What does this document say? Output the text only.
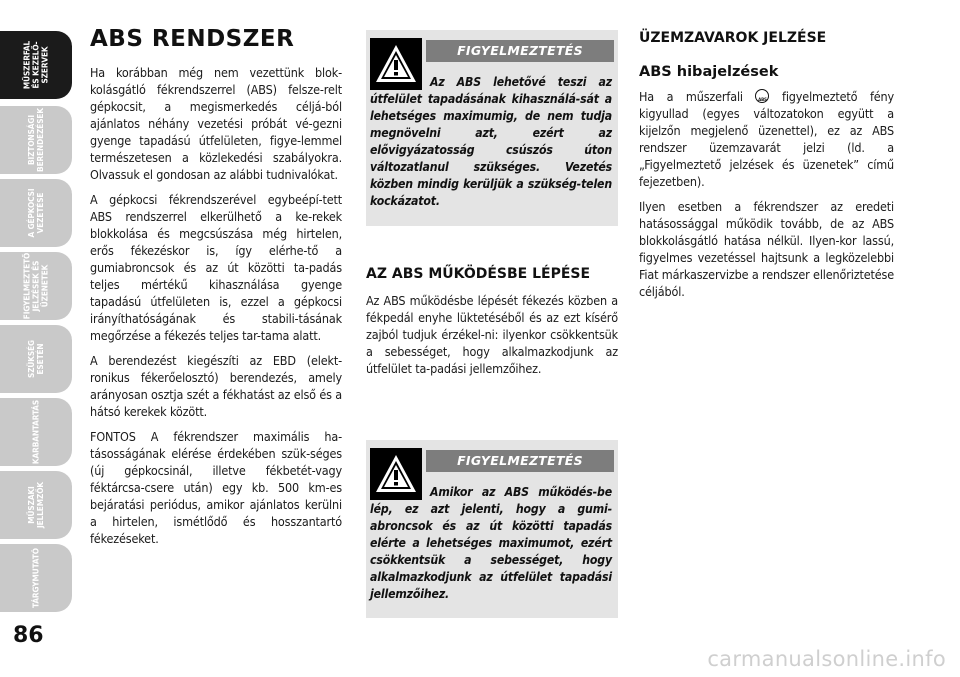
MŰSZERFAL
ÉS KEZELŐ-
SZERVEK
BIZTONSÁGI
BERENDEZÉSEK
A GÉPKOCSI
VEZETÉSE
FIGYELMEZTETŐ
JELZÉSEK ÉS
ÜZENETEK
SZÜKSÉG
ESETÉN
KARBANTARTÁS
MŰSZAKI
JELLEMZŐK
TÁRGYMUTATÓ
86
ABS RENDSZER

Ha korábban még nem vezettünk blok-kolásgátló fékrendszerrel (ABS) felsze-relt gépkocsit, a megismerkedés céljá-ból ajánlatos néhány vezetési próbát vé-gezni gyenge tapadású útfelületen, figye-lemmel természetesen a közlekedési szabályokra. Olvassuk el gondosan az alábbi tudnivalókat.

A gépkocsi fékrendszerével egybeépí-tett ABS rendszerrel elkerülhető a ke-rekek blokkolása és megcsúszása még hirtelen, erős fékezéskor is, így elérhe-tő a gumiabroncsok és az út közötti ta-padás teljes mértékű kihasználása gyenge tapadású útfelületen is, ezzel a gépkocsi irányíthatóságának és stabili-tásának megőrzése a fékezés teljes tar-tama alatt.

A berendezést kiegészíti az EBD (elekt-ronikus fékerőelosztó) berendezés, amely arányosan osztja szét a fékhatást az első és a hátsó kerekek között.

FONTOS A fékrendszer maximális ha-tásosságának elérése érdekében szük-séges (új gépkocsinál, illetve fékbetét-vagy féktárcsa-csere után) egy kb. 500 km-es bejáratási periódus, amikor ajánlatos kerülni a hirtelen, ismétlődő és hosszantartó fékezéseket.

FIGYELMEZTETÉS
Az ABS lehetővé teszi az útfelület tapadásának kihasználá-sát a lehetséges maximumig, de nem tudja megnövelni azt, ezért az elővigyázatosság csúszós úton változatlanul szükséges. Vezetés közben mindig kerüljük a szükség-telen kockázatot.
AZ ABS MŰKÖDÉSBE LÉPÉSE

Az ABS működésbe lépését fékezés közben a fékpedál enyhe lüktetéséből és az ezt kísérő zajból tudjuk érzékel-ni: ilyenkor csökkentsük a sebességet, hogy alkalmazkodjunk az útfelület ta-padási jellemzőihez.

FIGYELMEZTETÉS
Amikor az ABS működés-be lép, ez azt jelenti, hogy a gumi-abroncsok és az út közötti tapadás elérte a lehetséges maximumot, ezért csökkentsük a sebességet, hogy alkalmazkodjunk az útfelület tapadási jellemzőihez.
ÜZEMZAVAROK JELZÉSE
ABS hibajelzések

Ha a műszerfali ABS	figyelmeztető fény kigyullad (egyes változatokon együtt a kijelzőn megjelenő üzenettel), ez az ABS rendszer üzemzavarát jelzi (ld. a „Figyelmeztető jelzések és üzenetek” című fejezetben).

Ilyen esetben a fékrendszer az eredeti hatásossággal működik tovább, de az ABS blokkolásgátló hatása nélkül. Ilyen-kor lassú, figyelmes vezetéssel hajtsunk a legközelebbi Fiat márkaszervizbe a rendszer ellenőriztetése céljából.

carmanualsonline.info
